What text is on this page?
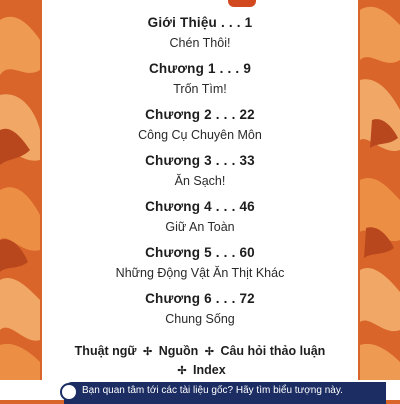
Giới Thiệu . . . 1
Chén Thôi!
Chương 1 . . . 9
Trốn Tìm!
Chương 2 . . . 22
Công Cụ Chuyên Môn
Chương 3 . . . 33
Ăn Sạch!
Chương 4 . . . 46
Giữ An Toàn
Chương 5 . . . 60
Những Động Vật Ăn Thịt Khác
Chương 6 . . . 72
Chung Sống
Thuật ngữ ✢ Nguồn ✢ Câu hỏi thảo luận
✢ Index
Bạn quan tâm tới các tài liệu gốc? Hãy tìm biểu tượng này.
